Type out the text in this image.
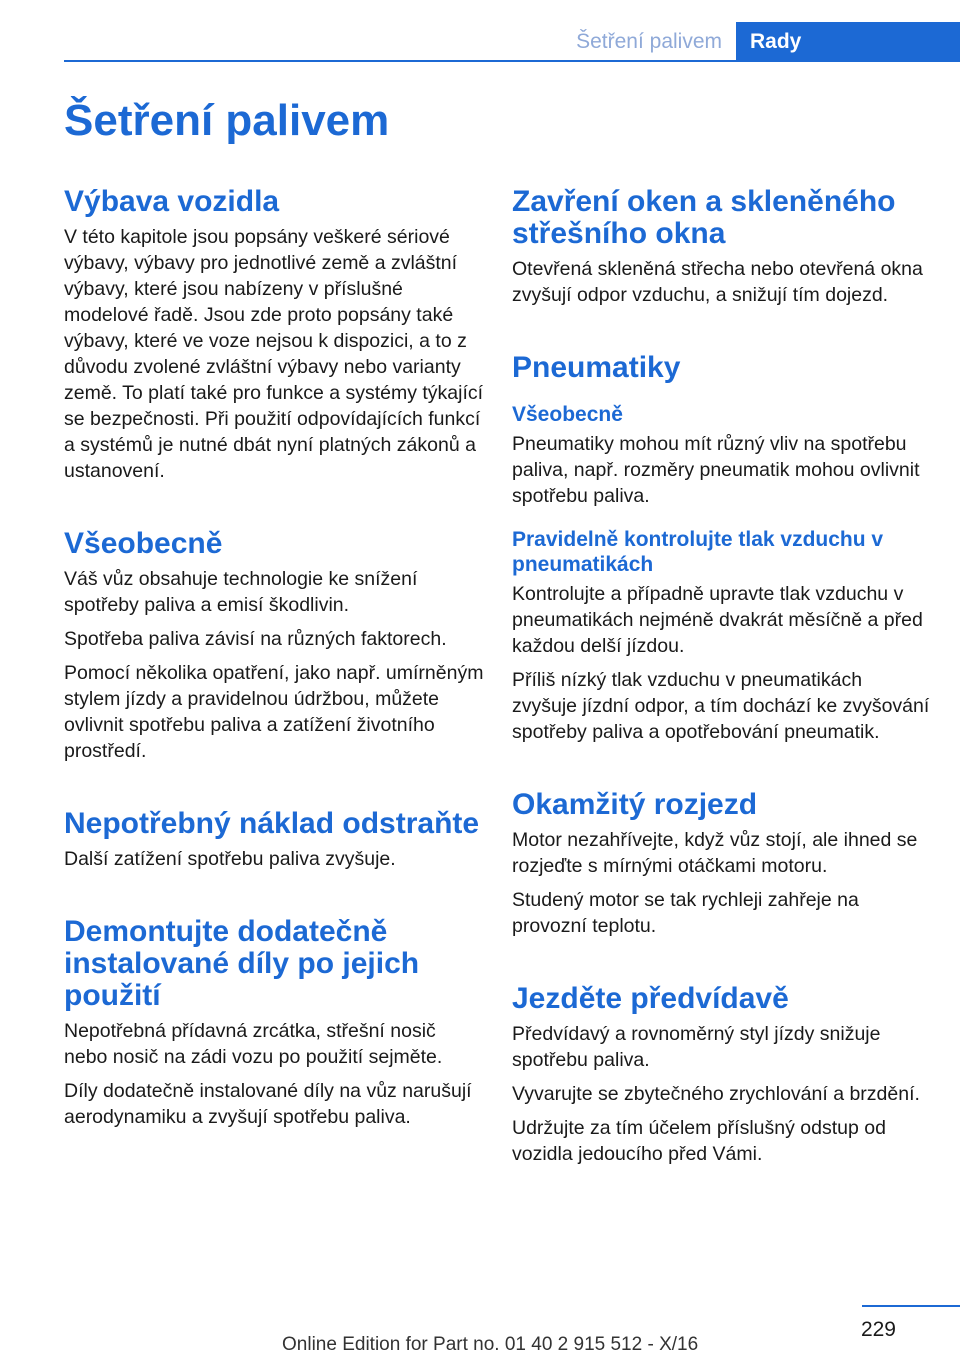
Šetření palivem	Rady
Šetření palivem
Výbava vozidla

V této kapitole jsou popsány veškeré sériové výbavy, výbavy pro jednotlivé země a zvláštní výbavy, které jsou nabízeny v příslušné modelové řadě. Jsou zde proto popsány také výbavy, které ve voze nejsou k dispozici, a to z důvodu zvolené zvláštní výbavy nebo varianty země. To platí také pro funkce a systémy týkající se bezpečnosti. Při použití odpovídajících funkcí a systémů je nutné dbát nyní platných zákonů a ustanovení.

Všeobecně

Váš vůz obsahuje technologie ke snížení spotřeby paliva a emisí škodlivin.

Spotřeba paliva závisí na různých faktorech.

Pomocí několika opatření, jako např. umírněným stylem jízdy a pravidelnou údržbou, můžete ovlivnit spotřebu paliva a zatížení životního prostředí.

Nepotřebný náklad odstraňte

Další zatížení spotřebu paliva zvyšuje.

Demontujte dodatečně instalované díly po jejich použití

Nepotřebná přídavná zrcátka, střešní nosič nebo nosič na zádi vozu po použití sejměte.

Díly dodatečně instalované díly na vůz narušují aerodynamiku a zvyšují spotřebu paliva.

Zavření oken a skleněného střešního okna

Otevřená skleněná střecha nebo otevřená okna zvyšují odpor vzduchu, a snižují tím dojezd.

Pneumatiky
Všeobecně

Pneumatiky mohou mít různý vliv na spotřebu paliva, např. rozměry pneumatik mohou ovlivnit spotřebu paliva.

Pravidelně kontrolujte tlak vzduchu v pneumatikách

Kontrolujte a případně upravte tlak vzduchu v pneumatikách nejméně dvakrát měsíčně a před každou delší jízdou.

Příliš nízký tlak vzduchu v pneumatikách zvyšuje jízdní odpor, a tím dochází ke zvyšování spotřeby paliva a opotřebování pneumatik.

Okamžitý rozjezd

Motor nezahřívejte, když vůz stojí, ale ihned se rozjeďte s mírnými otáčkami motoru.

Studený motor se tak rychleji zahřeje na provozní teplotu.

Jezděte předvídavě

Předvídavý a rovnoměrný styl jízdy snižuje spotřebu paliva.

Vyvarujte se zbytečného zrychlování a brzdění.

Udržujte za tím účelem příslušný odstup od vozidla jedoucího před Vámi.

229
Online Edition for Part no. 01 40 2 915 512 - X/16
